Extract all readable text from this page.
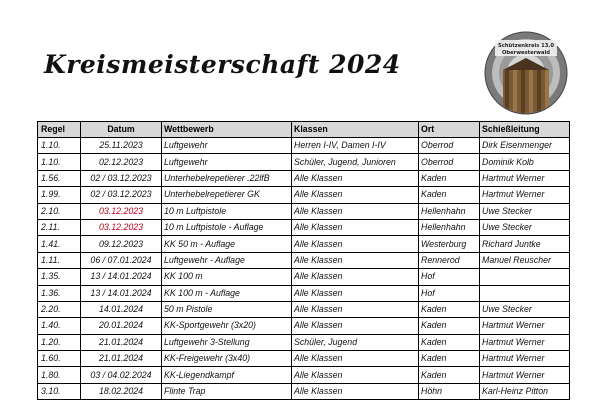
Kreismeisterschaft 2024
Schützenkreis 13.0
Oberwesterwald
Regel	Datum	Wettbewerb	Klassen	Ort	Schießleitung
1.10.	25.11.2023	Luftgewehr	Herren I-IV, Damen I-IV	Oberrod	Dirk Eisenmenger
1.10.	02.12.2023	Luftgewehr	Schüler, Jugend, Junioren	Oberrod	Dominik Kolb
1.56.	02 / 03.12.2023	Unterhebelrepetierer .22lfB	Alle Klassen	Kaden	Hartmut Werner
1.99.	02 / 03.12.2023	Unterhebelrepetierer GK	Alle Klassen	Kaden	Hartmut Werner
2.10.	03.12.2023	10 m Luftpistole	Alle Klassen	Hellenhahn	Uwe Stecker
2.11.	03.12.2023	10 m Luftpistole - Auflage	Alle Klassen	Hellenhahn	Uwe Stecker
1.41.	09.12.2023	KK 50 m - Auflage	Alle Klassen	Westerburg	Richard Juntke
1.11.	06 / 07.01.2024	Luftgewehr - Auflage	Alle Klassen	Rennerod	Manuel Reuscher
1.35.	13 / 14.01.2024	KK 100 m	Alle Klassen	Hof	
1.36.	13 / 14.01.2024	KK 100 m - Auflage	Alle Klassen	Hof	
2.20.	14.01.2024	50 m Pistole	Alle Klassen	Kaden	Uwe Stecker
1.40.	20.01.2024	KK-Sportgewehr (3x20)	Alle Klassen	Kaden	Hartmut Werner
1.20.	21.01.2024	Luftgewehr 3-Stellung	Schüler, Jugend	Kaden	Hartmut Werner
1.60.	21.01.2024	KK-Freigewehr (3x40)	Alle Klassen	Kaden	Hartmut Werner
1.80.	03 / 04.02.2024	KK-Liegendkampf	Alle Klassen	Kaden	Hartmut Werner
3.10.	18.02.2024	Flinte Trap	Alle Klassen	Höhn	Karl-Heinz Pitton
